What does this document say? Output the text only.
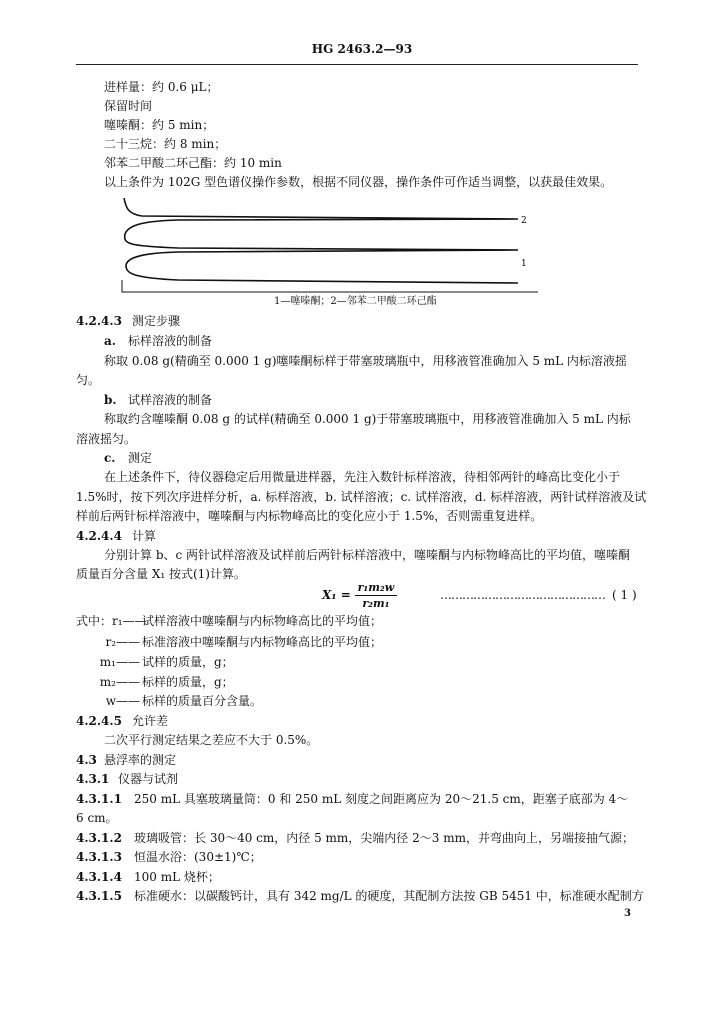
HG 2463.2—93
进样量：约 0.6 μL；
保留时间
噻嗪酮：约 5 min；
二十三烷：约 8 min；
邻苯二甲酸二环己酯：约 10 min
以上条件为 102G 型色谱仪操作参数，根据不同仪器，操作条件可作适当调整，以获最佳效果。
2
1
1—噻嗪酮；2—邻苯二甲酸二环己酯
4.2.4.3 测定步骤
a. 标样溶液的制备
称取 0.08 g(精确至 0.000 1 g)噻嗪酮标样于带塞玻璃瓶中，用移液管准确加入 5 mL 内标溶液摇
匀。
b. 试样溶液的制备
称取约含噻嗪酮 0.08 g 的试样(精确至 0.000 1 g)于带塞玻璃瓶中，用移液管准确加入 5 mL 内标
溶液摇匀。
c. 测定
在上述条件下，待仪器稳定后用微量进样器，先注入数针标样溶液，待相邻两针的峰高比变化小于
1.5%时，按下列次序进样分析，a. 标样溶液，b. 试样溶液；c. 试样溶液，d. 标样溶液，两针试样溶液及试
样前后两针标样溶液中，噻嗪酮与内标物峰高比的变化应小于 1.5%，否则需重复进样。
4.2.4.4 计算
分别计算 b、c 两针试样溶液及试样前后两针标样溶液中，噻嗪酮与内标物峰高比的平均值，噻嗪酮
质量百分含量 X₁ 按式(1)计算。
$X_1 = \frac{\text{r₁m₂w}}{\text{r₂m₁}}$	……………………………………… ( 1 )
式中：r₁——
试样溶液中噻嗪酮与内标物峰高比的平均值；
r₂—— 标准溶液中噻嗪酮与内标物峰高比的平均值；
m₁—— 试样的质量，g；
m₂—— 标样的质量，g；
w—— 标样的质量百分含量。
4.2.4.5 允许差
二次平行测定结果之差应不大于 0.5%。
4.3 悬浮率的测定
4.3.1 仪器与试剂
4.3.1.1 250 mL 具塞玻璃量筒：0 和 250 mL 刻度之间距离应为 20～21.5 cm，距塞子底部为 4～
6 cm。
4.3.1.2 玻璃吸管：长 30～40 cm，内径 5 mm，尖端内径 2～3 mm，并弯曲向上，另端接抽气源；
4.3.1.3 恒温水浴：(30±1)℃；
4.3.1.4 100 mL 烧杯；
4.3.1.5 标准硬水：以碳酸钙计，具有 342 mg/L 的硬度，其配制方法按 GB 5451 中，标准硬水配制方
3
